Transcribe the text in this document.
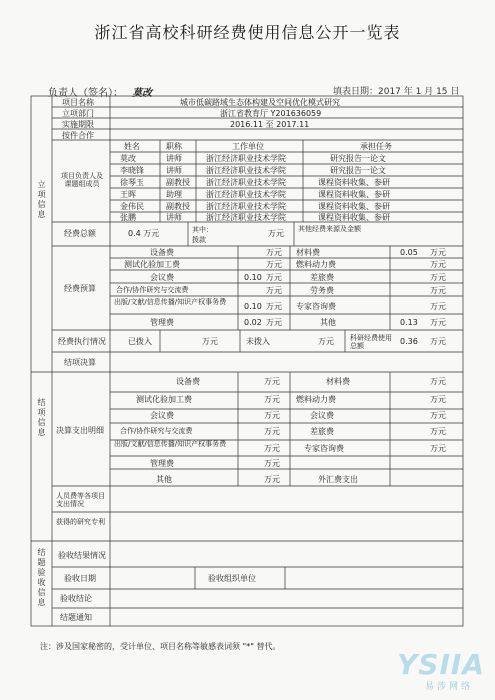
浙江省高校科研经费使用信息公开一览表
负责人（签名）： 莫改	填表日期：2017 年 1 月 15 日
立项信息
结项信息
结题验收信息
项目名称	城市低碳路域生态体构建及空间优化模式研究
立项部门	浙江省教育厅 Y201636059
实施期限	2016.11 至 2017.11
按件合作
项目负责人及课题组成员
姓名	职称	工作单位	承担任务
莫改	讲师	浙江经济职业技术学院	研究报告一论文
李晓锋	讲师	浙江经济职业技术学院	研究报告一论文
徐琴玉	副教授 浙江经济职业技术学院	课程资料收集、参研
王晖	助理	浙江经济职业技术学院	课程资料收集、参研
金伟民	副教授 浙江经济职业技术学院	课程资料收集、参研
张鹏	讲师	浙江经济职业技术学院	课程资料收集、参研
经费总额	0.4 万元	其中：
拨款
万元 其他经费来源及金额
经费预算
设备费	万元 材料费	0.05 万元
测试化验加工费	万元 燃料动力费	万元
会议费	0.10 万元	差旅费	万元
合作/协作研究与交流费	万元	劳务费	万元
出版/文献/信息传播/知识产权事务费	0.10 万元 专家咨询费	万元
管理费	0.02 万元	其他	0.13 万元
经费执行情况	已拨入	万元	未拨入	万元 科研经费使用总额	0.36 万元
结项决算
决算支出明细
设备费	万元	材料费	万元
测试化验加工费	万元 燃料动力费	万元
会议费	万元	会议费	万元
合作/协作研究与交流费	万元	差旅费	万元
出版/文献/信息传播/知识产权事务费	万元	专家咨询费	万元
管理费	万元
其他	万元	外汇费支出
人员费等各项目支出情况
获得的研究专利
验收结果情况
验收日期	验收组织单位
验收结论
结题通知
注：涉及国家秘密的，受计单位、项目名称等敏感表词须 "*" 替代。
YSIIA
易涉网络
